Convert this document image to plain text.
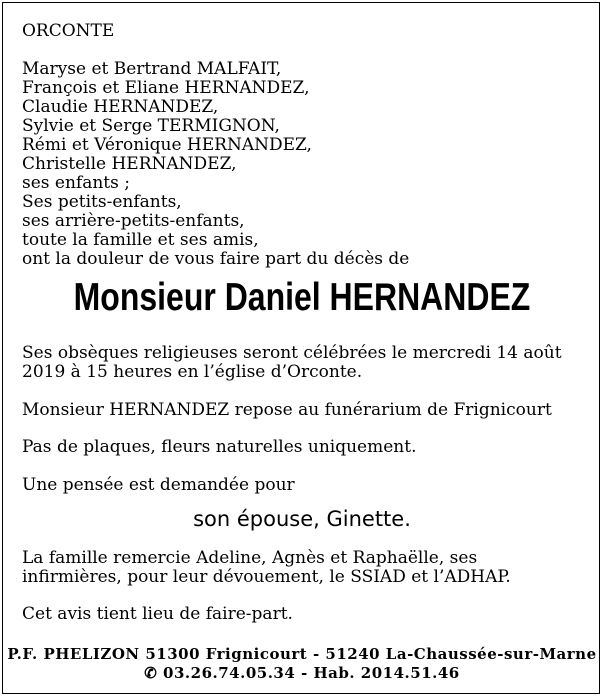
ORCONTE
Maryse et Bertrand MALFAIT,
François et Eliane HERNANDEZ,
Claudie HERNANDEZ,
Sylvie et Serge TERMIGNON,
Rémi et Véronique HERNANDEZ,
Christelle HERNANDEZ,
ses enfants ;
Ses petits-enfants,
ses arrière-petits-enfants,
toute la famille et ses amis,
ont la douleur de vous faire part du décès de
Monsieur Daniel HERNANDEZ
Ses obsèques religieuses seront célébrées le mercredi 14 août
2019 à 15 heures en l’église d’Orconte.
Monsieur HERNANDEZ repose au funérarium de Frignicourt
Pas de plaques, fleurs naturelles uniquement.
Une pensée est demandée pour
son épouse, Ginette.
La famille remercie Adeline, Agnès et Raphaëlle, ses
infirmières, pour leur dévouement, le SSIAD et l’ADHAP.
Cet avis tient lieu de faire-part.
P.F. PHELIZON 51300 Frignicourt - 51240 La-Chaussée-sur-Marne
✆ 03.26.74.05.34 - Hab. 2014.51.46
